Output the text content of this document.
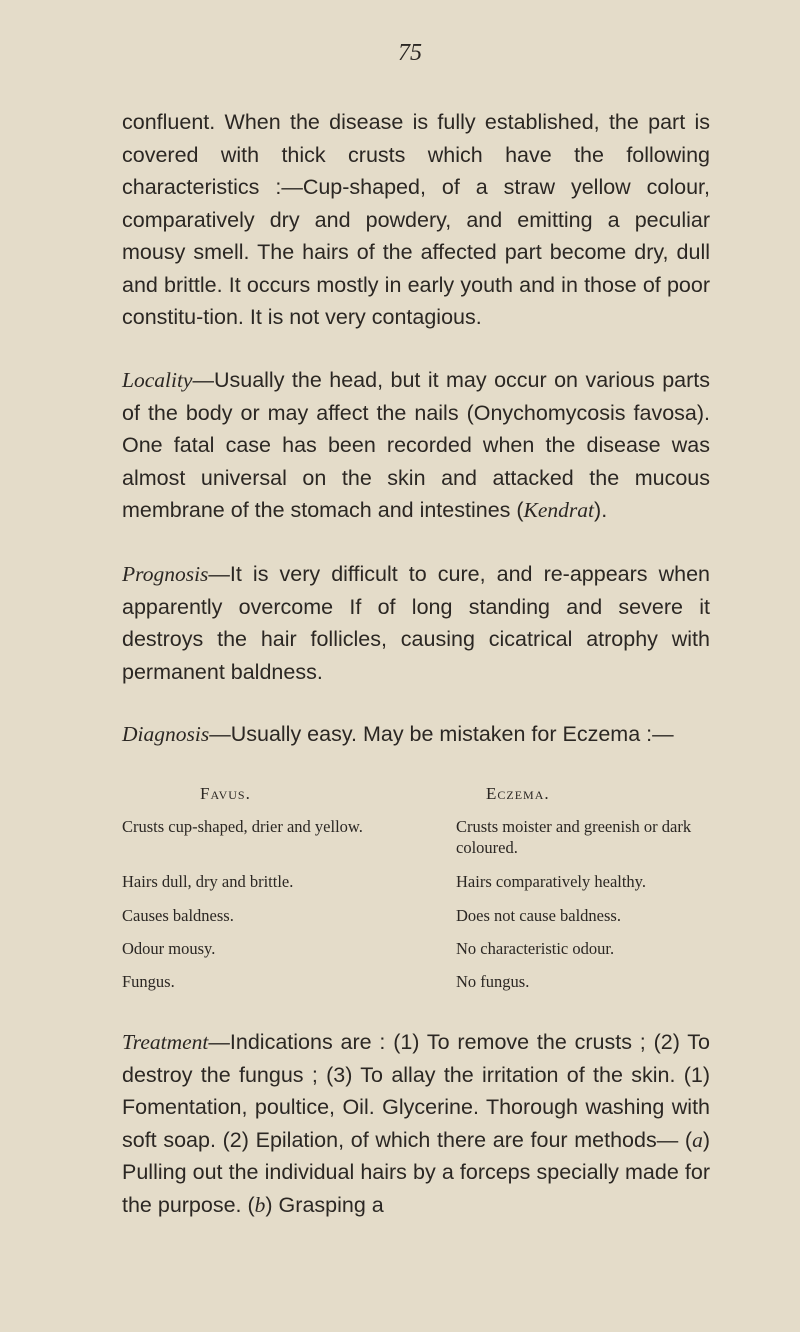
75

confluent. When the disease is fully established, the part is covered with thick crusts which have the following characteristics :—Cup-shaped, of a straw yellow colour, comparatively dry and powdery, and emitting a peculiar mousy smell. The hairs of the affected part become dry, dull and brittle. It occurs mostly in early youth and in those of poor constitu-tion. It is not very contagious.

Locality—Usually the head, but it may occur on various parts of the body or may affect the nails (Onychomycosis favosa). One fatal case has been recorded when the disease was almost universal on the skin and attacked the mucous membrane of the stomach and intestines (Kendrat).

Prognosis—It is very difficult to cure, and re-appears when apparently overcome If of long standing and severe it destroys the hair follicles, causing cicatrical atrophy with permanent baldness.

Diagnosis—Usually easy. May be mistaken for Eczema :—

Favus.	Eczema.
Crusts cup-shaped, drier and yellow.	Crusts moister and greenish or dark coloured.
Hairs dull, dry and brittle.	Hairs comparatively healthy.
Causes baldness.	Does not cause baldness.
Odour mousy.	No characteristic odour.
Fungus.	No fungus.

Treatment—Indications are : (1) To remove the crusts ; (2) To destroy the fungus ; (3) To allay the irritation of the skin. (1) Fomentation, poultice, Oil. Glycerine. Thorough washing with soft soap. (2) Epilation, of which there are four methods— (a) Pulling out the individual hairs by a forceps specially made for the purpose. (b) Grasping a
